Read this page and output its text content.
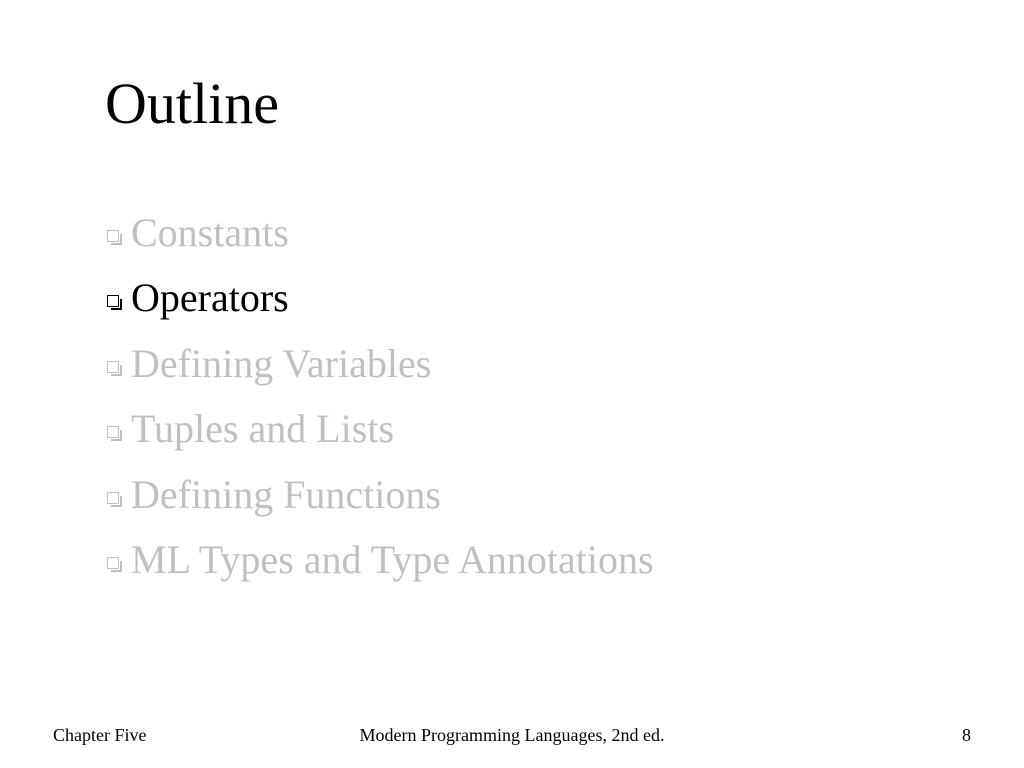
Outline
Constants
Operators
Defining Variables
Tuples and Lists
Defining Functions
ML Types and Type Annotations
Chapter Five	Modern Programming Languages, 2nd ed.	8
